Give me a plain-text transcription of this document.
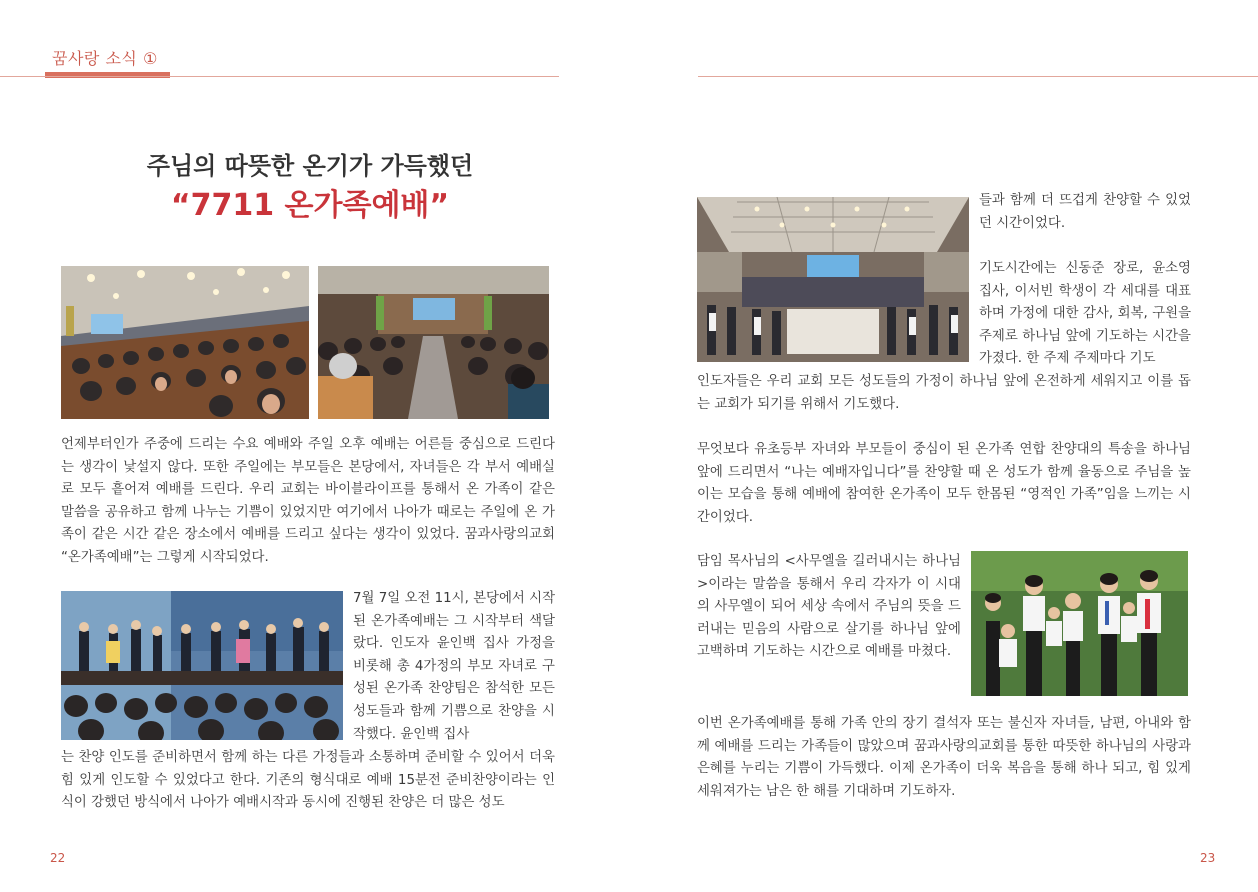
꿈사랑 소식 ①
주님의 따뜻한 온기가 가득했던
“7711 온가족예배”

언제부터인가 주중에 드리는 수요 예배와 주일 오후 예배는 어른들 중심으로 드린다는 생각이 낯설지 않다. 또한 주일에는 부모들은 본당에서, 자녀들은 각 부서 예배실로 모두 흩어져 예배를 드린다. 우리 교회는 바이블라이프를 통해서 온 가족이 같은 말씀을 공유하고 함께 나누는 기쁨이 있었지만 여기에서 나아가 때로는 주일에 온 가족이 같은 시간 같은 장소에서 예배를 드리고 싶다는 생각이 있었다. 꿈과사랑의교회 “온가족예배”는 그렇게 시작되었다.

7월 7일 오전 11시, 본당에서 시작된 온가족예배는 그 시작부터 색달랐다. 인도자 윤인백 집사 가정을 비롯해 총 4가정의 부모 자녀로 구성된 온가족 찬양팀은 참석한 모든 성도들과 함께 기쁨으로 찬양을 시작했다. 윤인백 집사

는 찬양 인도를 준비하면서 함께 하는 다른 가정들과 소통하며 준비할 수 있어서 더욱 힘 있게 인도할 수 있었다고 한다. 기존의 형식대로 예배 15분전 준비찬양이라는 인식이 강했던 방식에서 나아가 예배시작과 동시에 진행된 찬양은 더 많은 성도

22

들과 함께 더 뜨겁게 찬양할 수 있었던 시간이었다.

기도시간에는 신동준 장로, 윤소영 집사, 이서빈 학생이 각 세대를 대표하며 가정에 대한 감사, 회복, 구원을 주제로 하나님 앞에 기도하는 시간을 가졌다. 한 주제 주제마다 기도

인도자들은 우리 교회 모든 성도들의 가정이 하나님 앞에 온전하게 세워지고 이를 돕는 교회가 되기를 위해서 기도했다.

무엇보다 유초등부 자녀와 부모들이 중심이 된 온가족 연합 찬양대의 특송을 하나님 앞에 드리면서 “나는 예배자입니다”를 찬양할 때 온 성도가 함께 율동으로 주님을 높이는 모습을 통해 예배에 참여한 온가족이 모두 한몸된 “영적인 가족”임을 느끼는 시간이었다.

담임 목사님의 <사무엘을 길러내시는 하나님>이라는 말씀을 통해서 우리 각자가 이 시대의 사무엘이 되어 세상 속에서 주님의 뜻을 드러내는 믿음의 사람으로 살기를 하나님 앞에 고백하며 기도하는 시간으로 예배를 마쳤다.

이번 온가족예배를 통해 가족 안의 장기 결석자 또는 불신자 자녀들, 남편, 아내와 함께 예배를 드리는 가족들이 많았으며 꿈과사랑의교회를 통한 따뜻한 하나님의 사랑과 은혜를 누리는 기쁨이 가득했다. 이제 온가족이 더욱 복음을 통해 하나 되고, 힘 있게 세워져가는 남은 한 해를 기대하며 기도하자.

23
